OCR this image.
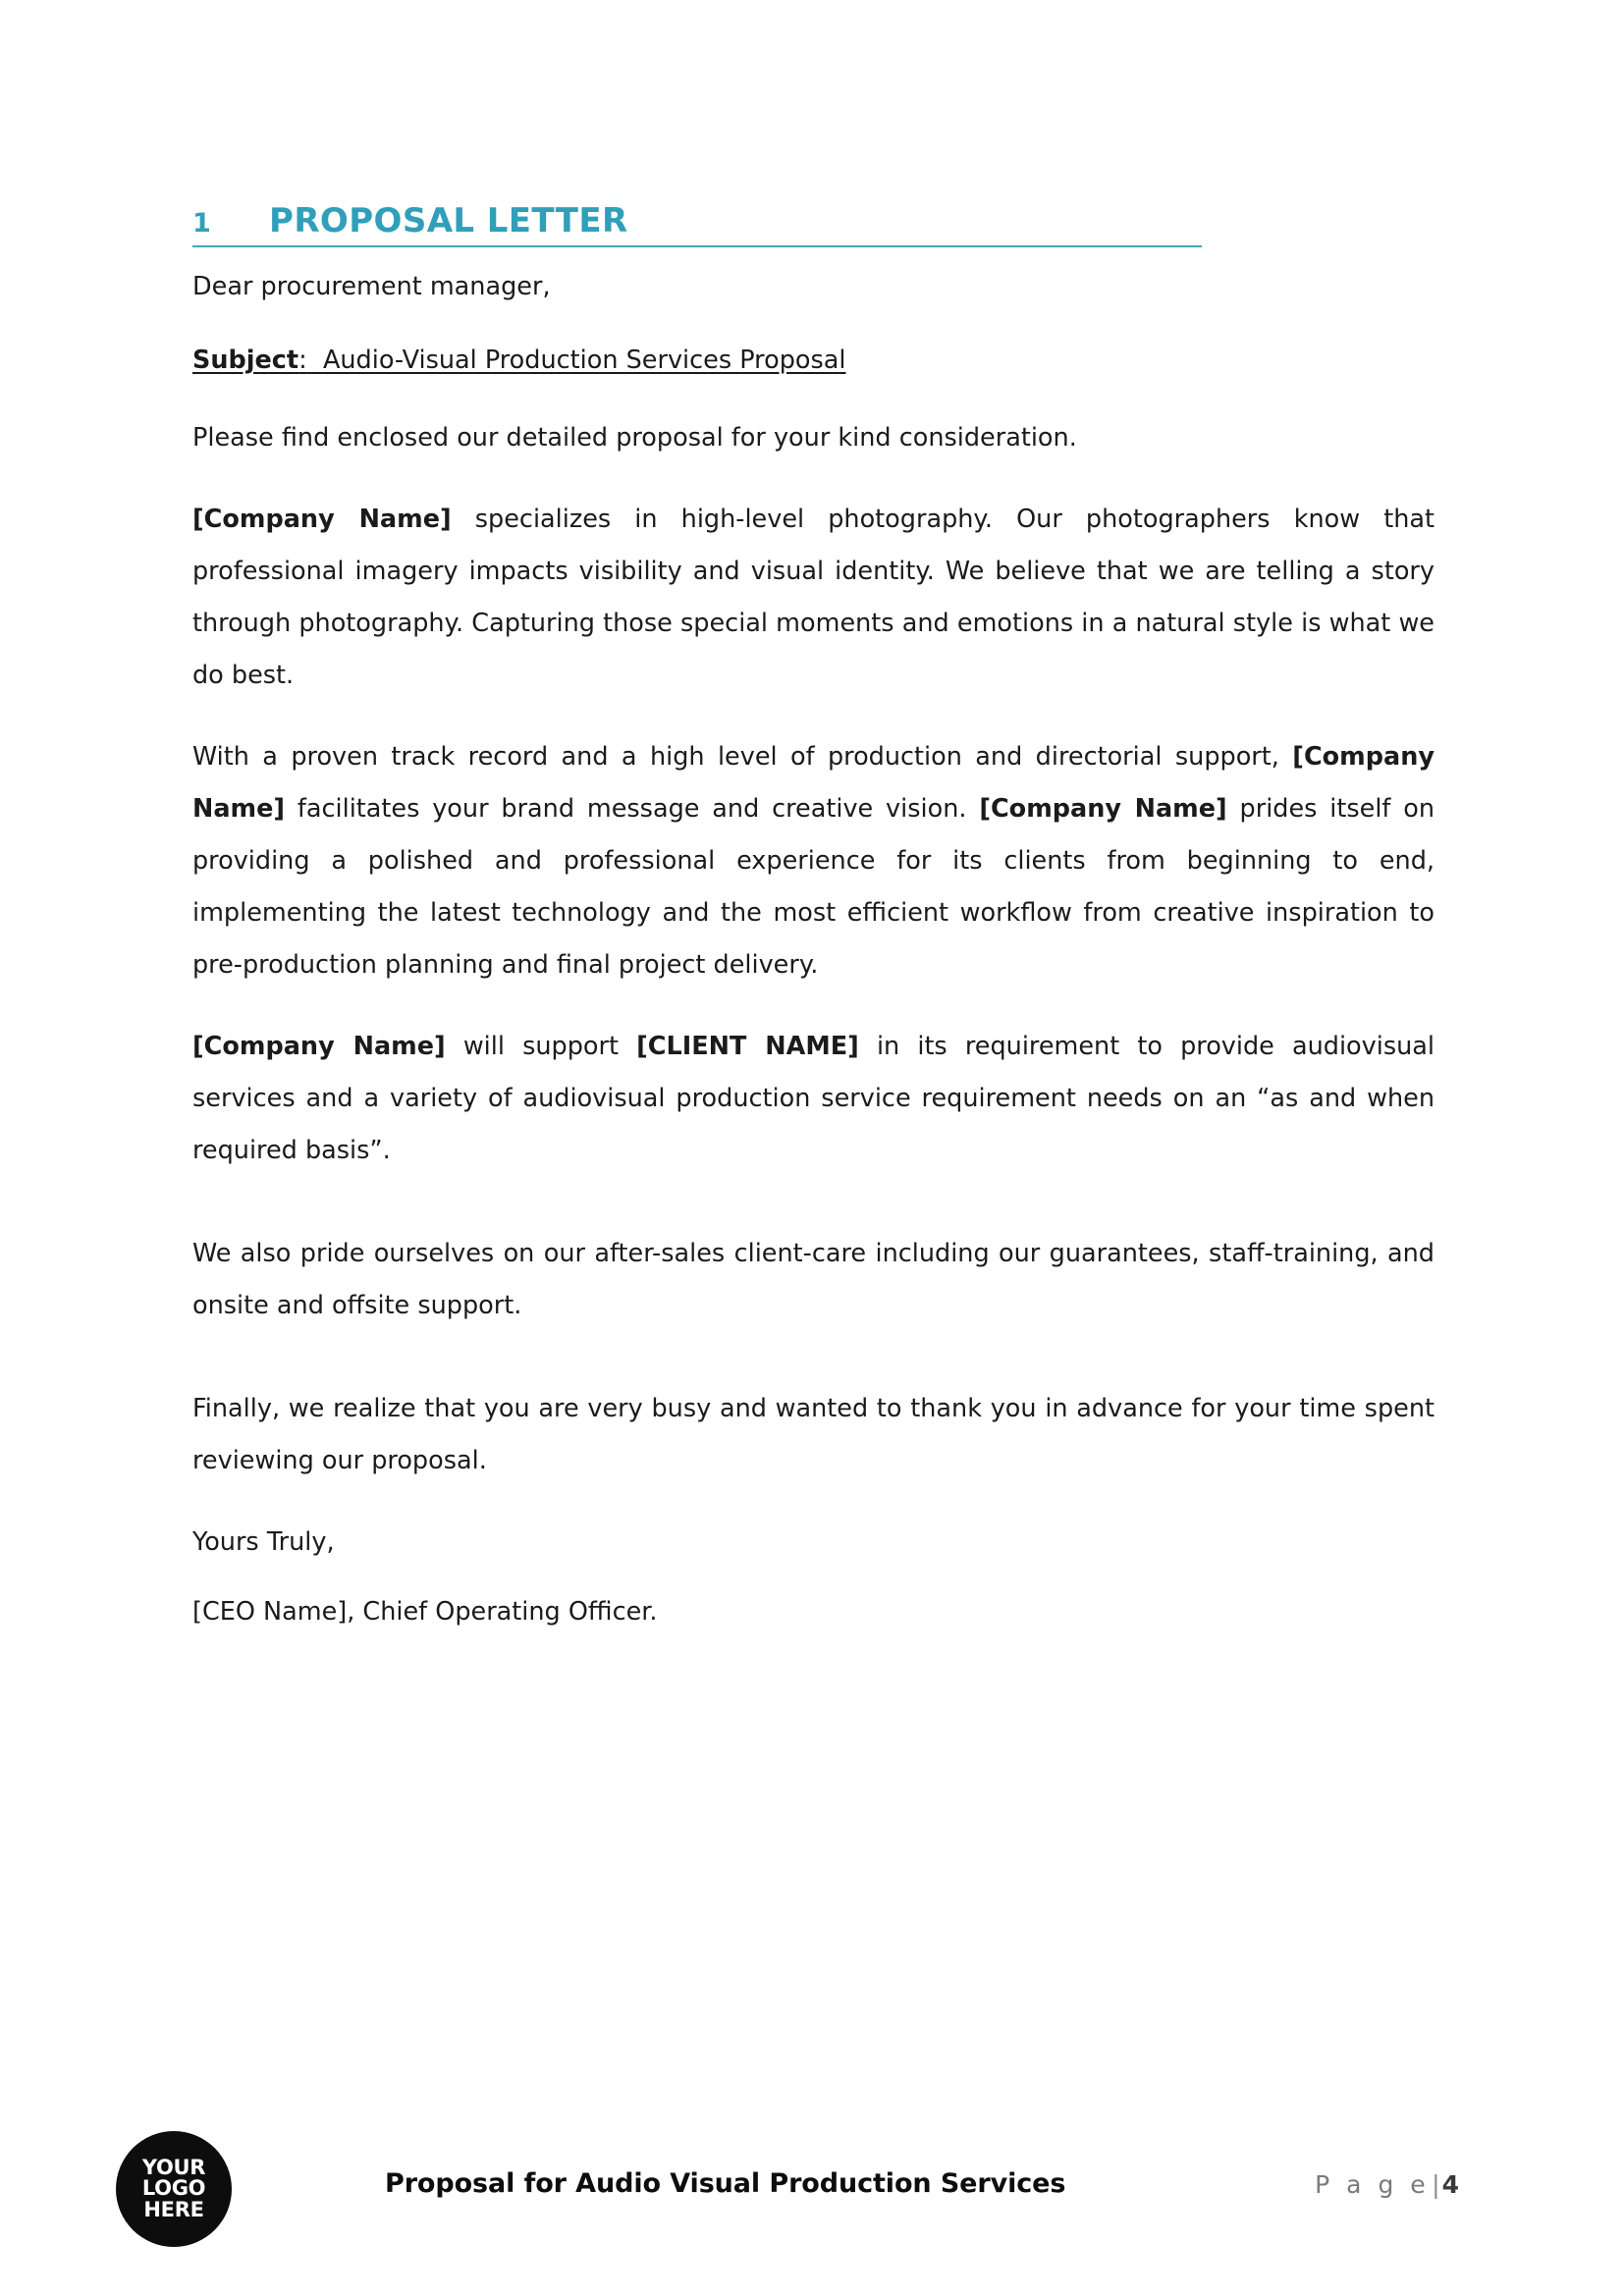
1	PROPOSAL LETTER
Dear procurement manager,
Subject: Audio-Visual Production Services Proposal

Please find enclosed our detailed proposal for your kind consideration.

[Company Name] specializes in high-level photography. Our photographers know that professional imagery impacts visibility and visual identity. We believe that we are telling a story through photography. Capturing those special moments and emotions in a natural style is what we do best.

With a proven track record and a high level of production and directorial support, [Company Name] facilitates your brand message and creative vision. [Company Name] prides itself on providing a polished and professional experience for its clients from beginning to end, implementing the latest technology and the most efficient workflow from creative inspiration to pre-production planning and final project delivery.

[Company Name] will support [CLIENT NAME] in its requirement to provide audiovisual services and a variety of audiovisual production service requirement needs on an “as and when required basis”.

We also pride ourselves on our after-sales client-care including our guarantees, staff-training, and onsite and offsite support.

Finally, we realize that you are very busy and wanted to thank you in advance for your time spent reviewing our proposal.

Yours Truly,

[CEO Name], Chief Operating Officer.

YOUR
LOGO
HERE
Proposal for Audio Visual Production Services	P a g e|4
